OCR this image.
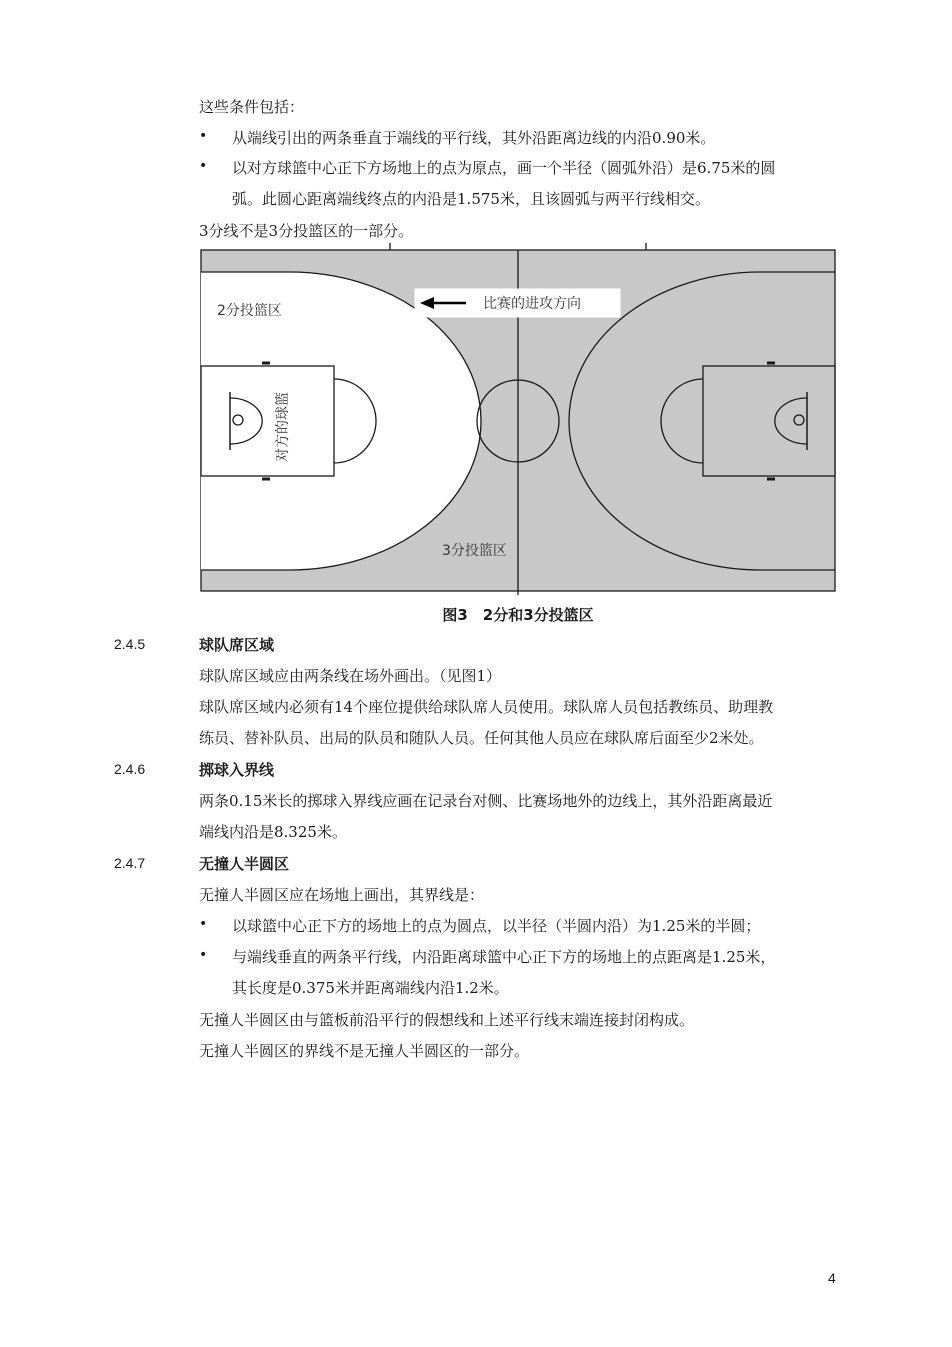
这些条件包括：
• 从端线引出的两条垂直于端线的平行线，其外沿距离边线的内沿0.90米。
• 以对方球篮中心正下方场地上的点为原点，画一个半径（圆弧外沿）是6.75米的圆
弧。此圆心距离端线终点的内沿是1.575米，且该圆弧与两平行线相交。
3分线不是3分投篮区的一部分。
2分投篮区	比赛的进攻方向
对方的球篮
3分投篮区
图3　2分和3分投篮区
2.4.5	球队席区域
球队席区域应由两条线在场外画出。（见图1）
球队席区域内必须有14个座位提供给球队席人员使用。球队席人员包括教练员、助理教
练员、替补队员、出局的队员和随队人员。任何其他人员应在球队席后面至少2米处。
2.4.6	掷球入界线
两条0.15米长的掷球入界线应画在记录台对侧、比赛场地外的边线上，其外沿距离最近
端线内沿是8.325米。
2.4.7	无撞人半圆区
无撞人半圆区应在场地上画出，其界线是：
• 以球篮中心正下方的场地上的点为圆点，以半径（半圆内沿）为1.25米的半圆；
• 与端线垂直的两条平行线，内沿距离球篮中心正下方的场地上的点距离是1.25米，
其长度是0.375米并距离端线内沿1.2米。
无撞人半圆区由与篮板前沿平行的假想线和上述平行线末端连接封闭构成。
无撞人半圆区的界线不是无撞人半圆区的一部分。
4
